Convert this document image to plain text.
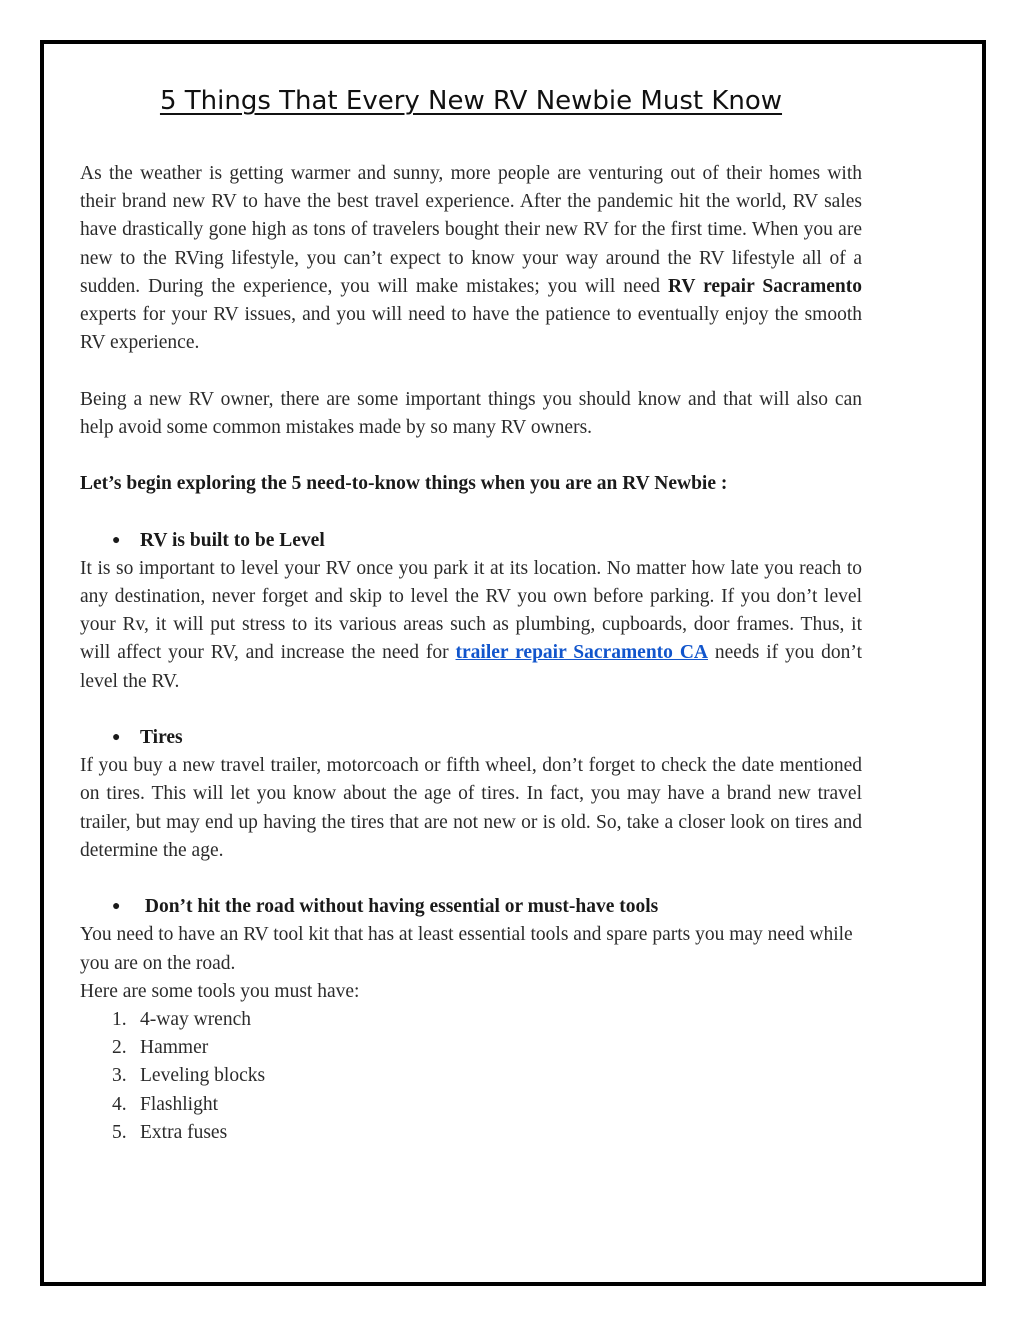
5 Things That Every New RV Newbie Must Know

As the weather is getting warmer and sunny, more people are venturing out of their homes with their brand new RV to have the best travel experience. After the pandemic hit the world, RV sales have drastically gone high as tons of travelers bought their new RV for the first time. When you are new to the RVing lifestyle, you can’t expect to know your way around the RV lifestyle all of a sudden. During the experience, you will make mistakes; you will need RV repair Sacramento experts for your RV issues, and you will need to have the patience to eventually enjoy the smooth RV experience.

Being a new RV owner, there are some important things you should know and that will also can help avoid some common mistakes made by so many RV owners.

Let’s begin exploring the 5 need-to-know things when you are an RV Newbie :

● RV is built to be Level

It is so important to level your RV once you park it at its location. No matter how late you reach to any destination, never forget and skip to level the RV you own before parking. If you don’t level your Rv, it will put stress to its various areas such as plumbing, cupboards, door frames. Thus, it will affect your RV, and increase the need for trailer repair Sacramento CA needs if you don’t level the RV.

● Tires

If you buy a new travel trailer, motorcoach or fifth wheel, don’t forget to check the date mentioned on tires. This will let you know about the age of tires. In fact, you may have a brand new travel trailer, but may end up having the tires that are not new or is old. So, take a closer look on tires and determine the age.

● Don’t hit the road without having essential or must-have tools

You need to have an RV tool kit that has at least essential tools and spare parts you may need while you are on the road.

Here are some tools you must have:

1. 4-way wrench
2. Hammer
3. Leveling blocks
4. Flashlight
5. Extra fuses
